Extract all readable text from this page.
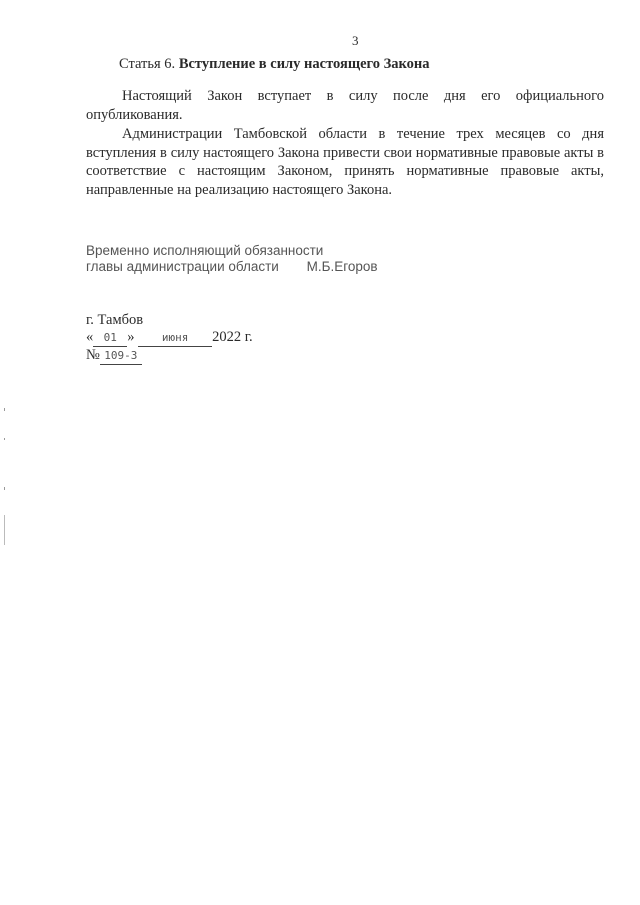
3
Статья 6. Вступление в силу настоящего Закона

Настоящий Закон вступает в силу после дня его официального опубликования.

Администрации Тамбовской области в течение трех месяцев со дня вступления в силу настоящего Закона привести свои нормативные правовые акты в соответствие с настоящим Законом, принять нормативные правовые акты, направленные на реализацию настоящего Закона.

Временно исполняющий обязанности
главы администрации области М.Б.Егоров
г. Тамбов
« 01 » июня 2022 г.
№ 109-З
